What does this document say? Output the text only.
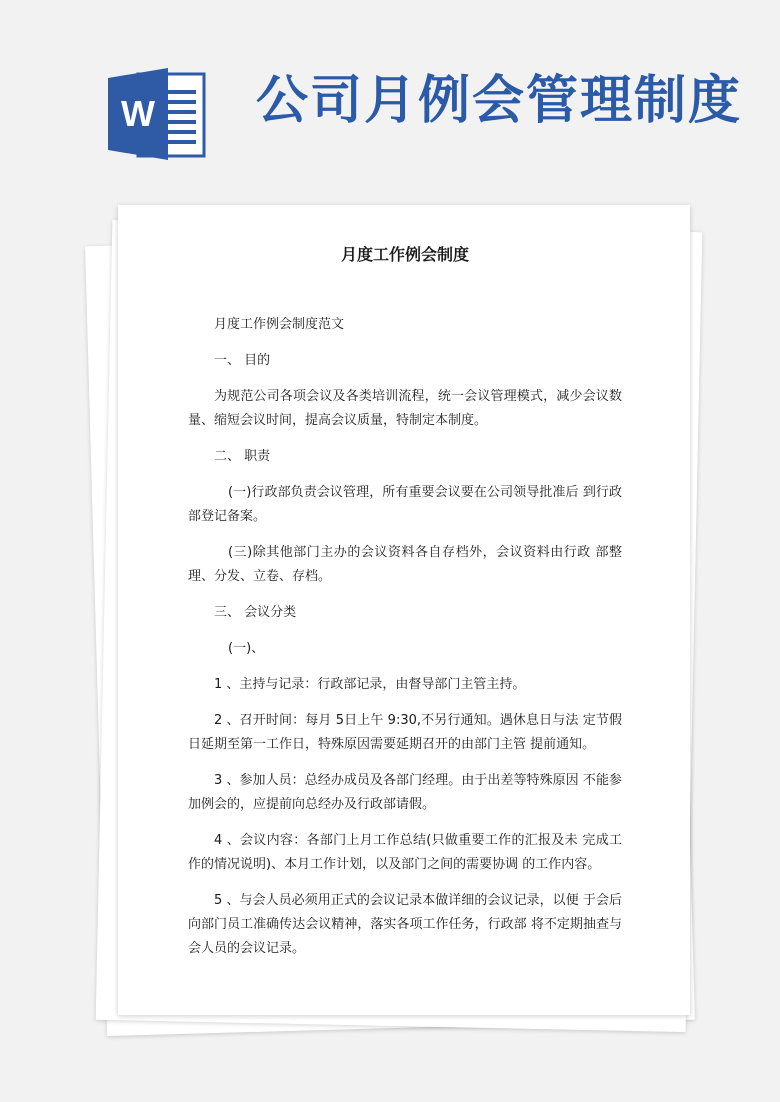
W 公司月例会管理制度
月度工作例会制度

月度工作例会制度范文

一、 目的

为规范公司各项会议及各类培训流程，统一会议管理模式，减少会议数量、缩短会议时间，提高会议质量，特制定本制度。

二、 职责

(一)行政部负责会议管理，所有重要会议要在公司领导批准后 到行政部登记备案。

(三)除其他部门主办的会议资料各自存档外，会议资料由行政 部整理、分发、立卷、存档。

三、 会议分类

(一)、

1 、主持与记录：行政部记录，由督导部门主管主持。

2 、召开时间：每月 5日上午 9:30,不另行通知。遇休息日与法 定节假日延期至第一工作日，特殊原因需要延期召开的由部门主管 提前通知。

3 、参加人员：总经办成员及各部门经理。由于出差等特殊原因 不能参加例会的，应提前向总经办及行政部请假。

4 、会议内容：各部门上月工作总结(只做重要工作的汇报及未 完成工作的情况说明)、本月工作计划，以及部门之间的需要协调 的工作内容。

5 、与会人员必须用正式的会议记录本做详细的会议记录，以便 于会后向部门员工准确传达会议精神，落实各项工作任务，行政部 将不定期抽查与会人员的会议记录。
